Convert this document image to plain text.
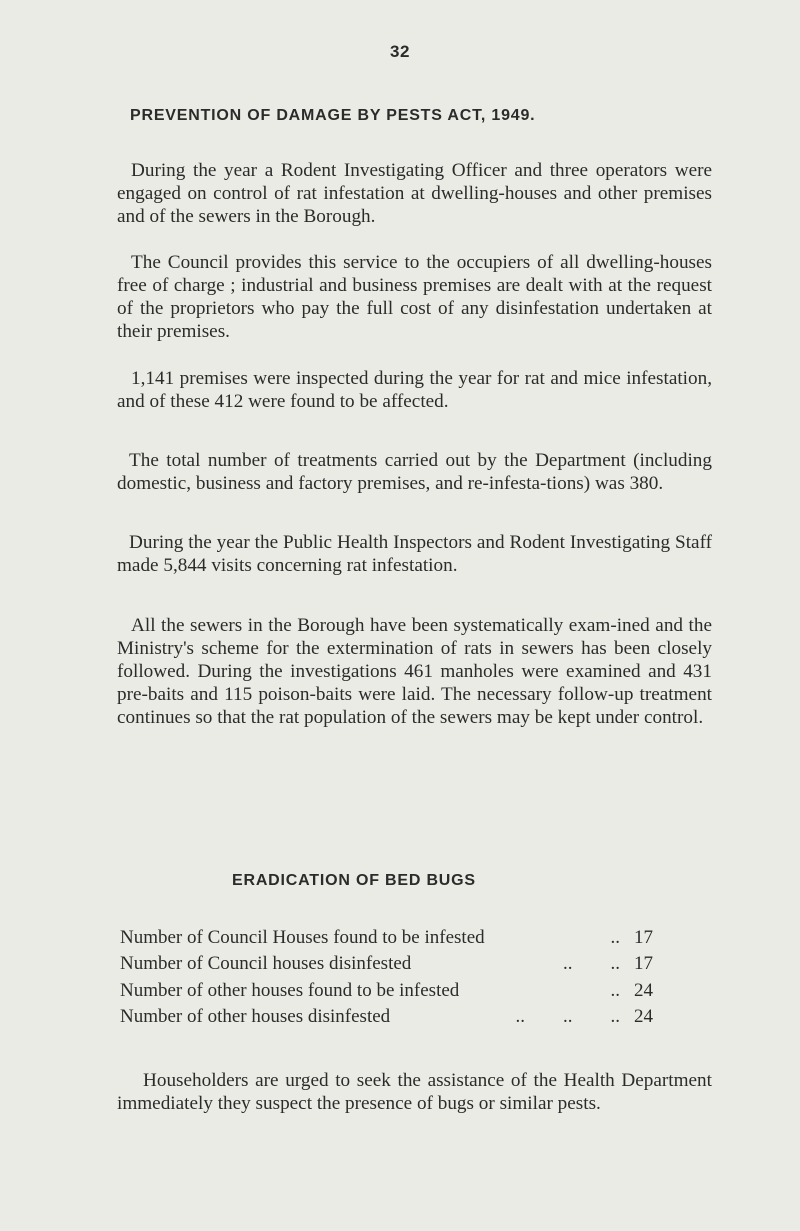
32
PREVENTION OF DAMAGE BY PESTS ACT, 1949.

During the year a Rodent Investigating Officer and three operators were engaged on control of rat infestation at dwelling-houses and other premises and of the sewers in the Borough.

The Council provides this service to the occupiers of all dwelling-houses free of charge ; industrial and business premises are dealt with at the request of the proprietors who pay the full cost of any disinfestation undertaken at their premises.

1,141 premises were inspected during the year for rat and mice infestation, and of these 412 were found to be affected.

The total number of treatments carried out by the Department (including domestic, business and factory premises, and re-infesta-tions) was 380.

During the year the Public Health Inspectors and Rodent Investigating Staff made 5,844 visits concerning rat infestation.

All the sewers in the Borough have been systematically exam-ined and the Ministry's scheme for the extermination of rats in sewers has been closely followed. During the investigations 461 manholes were examined and 431 pre-baits and 115 poison-baits were laid. The necessary follow-up treatment continues so that the rat population of the sewers may be kept under control.

ERADICATION OF BED BUGS
Number of Council Houses found to be infested	.. 17
Number of Council houses disinfested	..        .. 17
Number of other houses found to be infested	.. 24
Number of other houses disinfested	..        ..        .. 24

Householders are urged to seek the assistance of the Health Department immediately they suspect the presence of bugs or similar pests.
